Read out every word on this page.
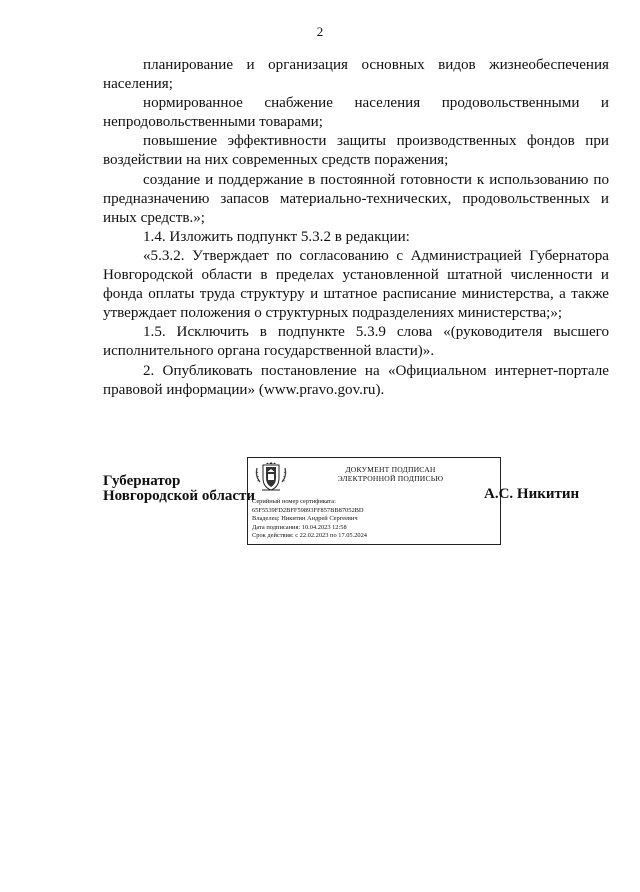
2

планирование и организация основных видов жизнеобеспечения населения;

нормированное снабжение населения продовольственными и непродовольственными товарами;

повышение эффективности защиты производственных фондов при воздействии на них современных средств поражения;

создание и поддержание в постоянной готовности к использованию по предназначению запасов материально-технических, продовольственных и иных средств.»;

1.4. Изложить подпункт 5.3.2 в редакции:

«5.3.2. Утверждает по согласованию с Администрацией Губернатора Новгородской области в пределах установленной штатной численности и фонда оплаты труда структуру и штатное расписание министерства, а также утверждает положения о структурных подразделениях министерства;»;

1.5. Исключить в подпункте 5.3.9 слова «(руководителя высшего исполнительного органа государственной власти)».

2. Опубликовать постановление на «Официальном интернет-портале правовой информации» (www.pravo.gov.ru).

Губернатор
Новгородской области
ДОКУМЕНТ ПОДПИСАН
ЭЛЕКТРОННОЙ ПОДПИСЬЮ
Серийный номер сертификата:
65F5539FD2BFF59893FF857BB87052BD
Владелец: Никитин Андрей Сергеевич
Дата подписания: 10.04.2023 12:58
Срок действия: с 22.02.2023 по 17.05.2024
А.С. Никитин
